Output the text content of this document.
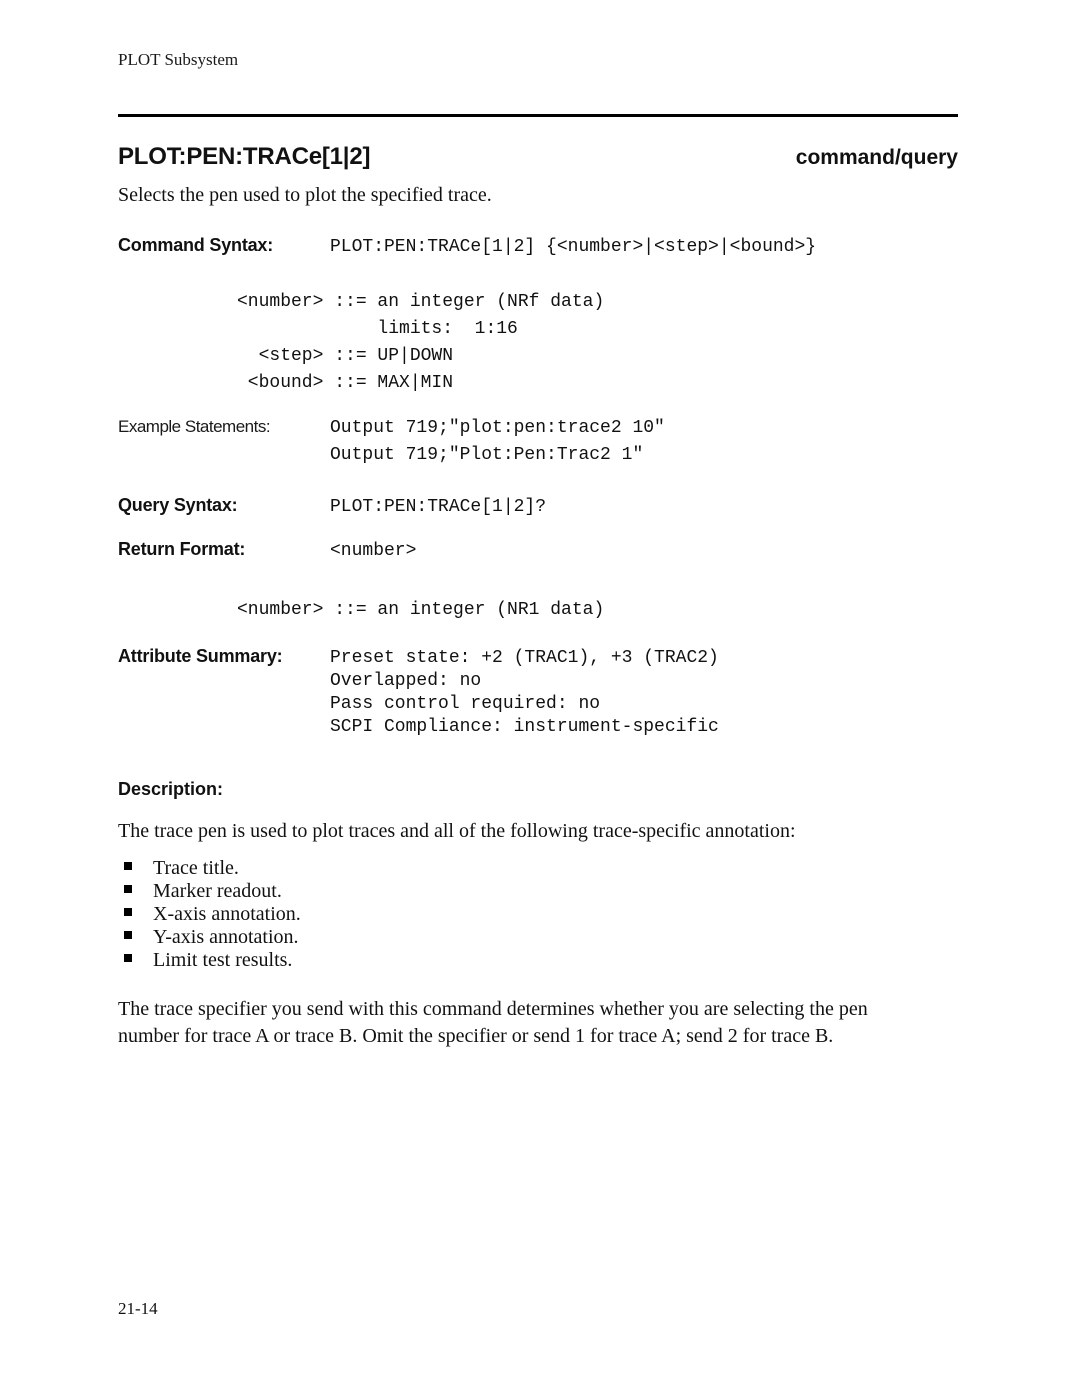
PLOT Subsystem
PLOT:PEN:TRACe[1|2]	command/query
Selects the pen used to plot the specified trace.
Command Syntax:	PLOT:PEN:TRACe[1|2] {<number>|<step>|<bound>}
<number> ::= an integer (NRf data)
limits:  1:16
<step> ::= UP|DOWN
<bound> ::= MAX|MIN
Example Statements:	Output 719;"plot:pen:trace2 10"
Output 719;"Plot:Pen:Trac2 1"
Query Syntax:	PLOT:PEN:TRACe[1|2]?
Return Format:	<number>
<number> ::= an integer (NR1 data)
Attribute Summary:	Preset state: +2 (TRAC1), +3 (TRAC2)
Overlapped: no
Pass control required: no
SCPI Compliance: instrument-specific
Description:
The trace pen is used to plot traces and all of the following trace-specific annotation:
Trace title.
Marker readout.
X-axis annotation.
Y-axis annotation.
Limit test results.
The trace specifier you send with this command determines whether you are selecting the pen number for trace A or trace B. Omit the specifier or send 1 for trace A; send 2 for trace B.
21-14
